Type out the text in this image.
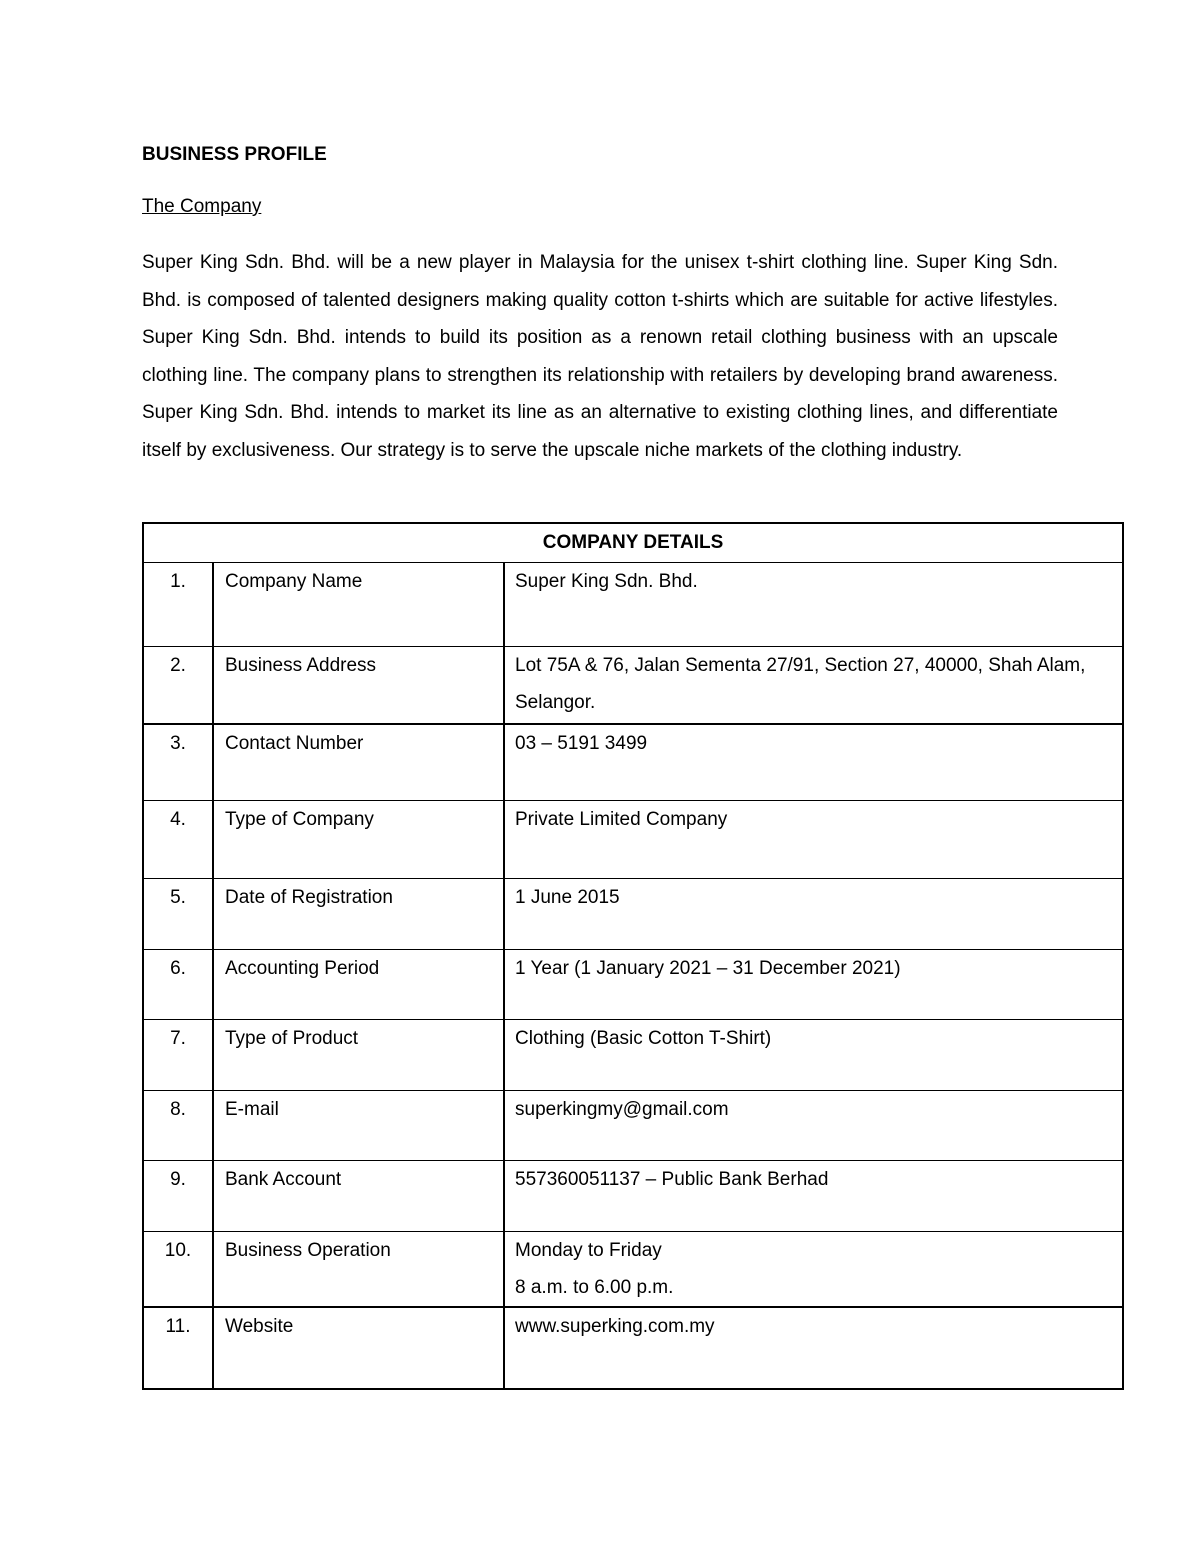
BUSINESS PROFILE
The Company

Super King Sdn. Bhd. will be a new player in Malaysia for the unisex t-shirt clothing line. Super King Sdn. Bhd. is composed of talented designers making quality cotton t-shirts which are suitable for active lifestyles. Super King Sdn. Bhd. intends to build its position as a renown retail clothing business with an upscale clothing line. The company plans to strengthen its relationship with retailers by developing brand awareness. Super King Sdn. Bhd. intends to market its line as an alternative to existing clothing lines, and differentiate itself by exclusiveness. Our strategy is to serve the upscale niche markets of the clothing industry.

COMPANY DETAILS		
1.	Company Name	Super King Sdn. Bhd.

2.	Business Address	Lot 75A & 76, Jalan Sementa 27/91, Section 27, 40000, Shah Alam, Selangor.

3.	Contact Number	03 – 5191 3499

4.	Type of Company	Private Limited Company

5.	Date of Registration	1 June 2015

6.	Accounting Period	1 Year (1 January 2021 – 31 December 2021)

7.	Type of Product	Clothing (Basic Cotton T-Shirt)

8.	E-mail	superkingmy@gmail.com

9.	Bank Account	557360051137 – Public Bank Berhad

10.	Business Operation	Monday to Friday
8 a.m. to 6.00 p.m.

11.	Website	www.superking.com.my
